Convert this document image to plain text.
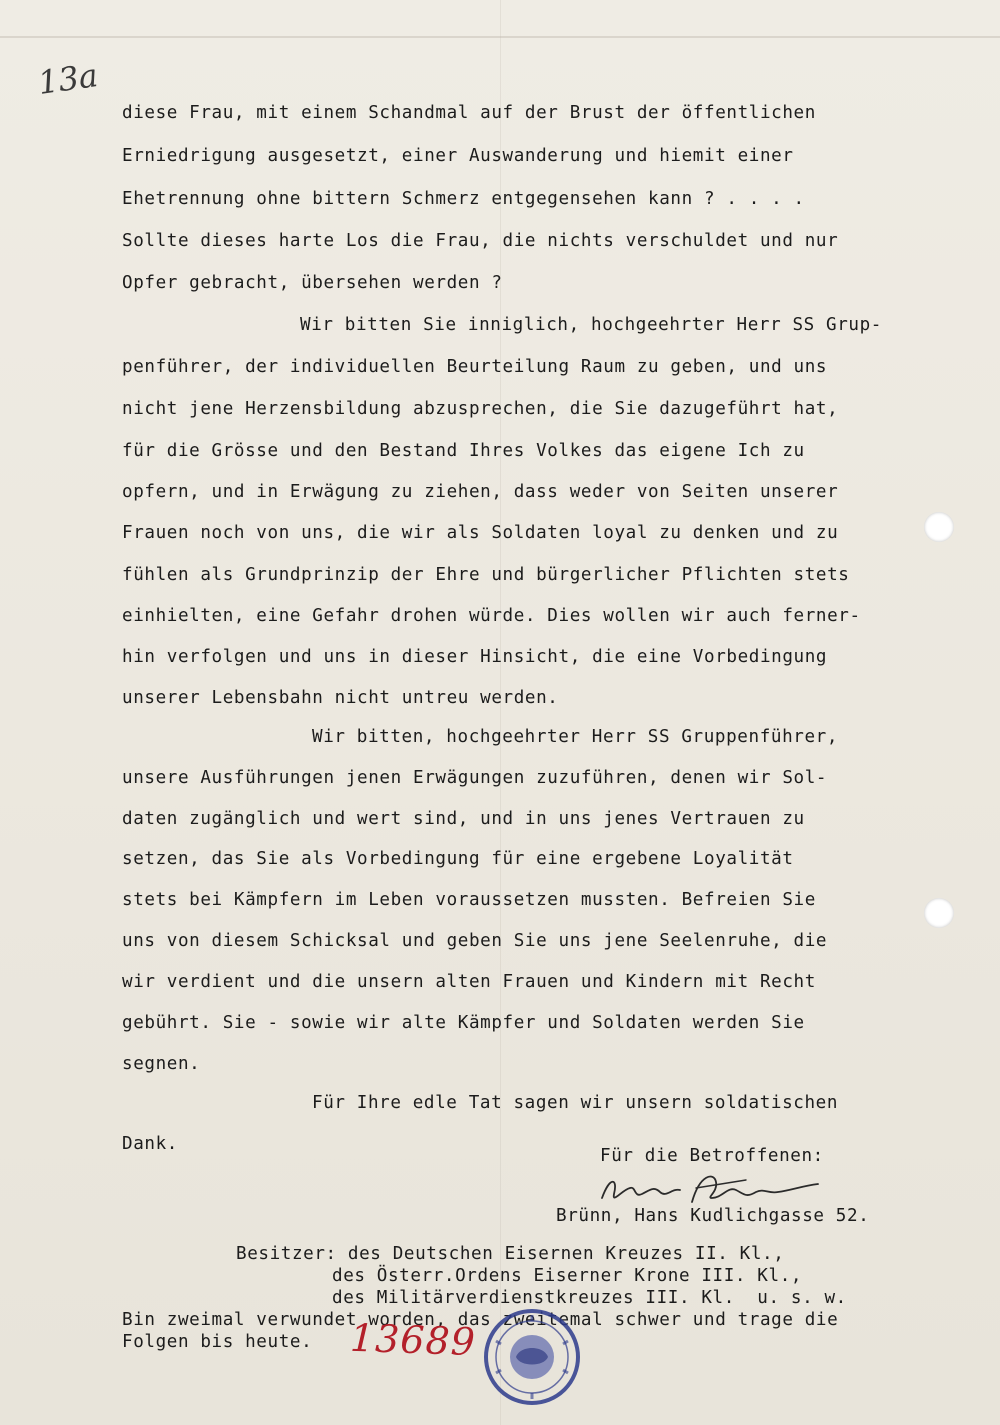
13a
diese Frau, mit einem Schandmal auf der Brust der öffentlichen
Erniedrigung ausgesetzt, einer Auswanderung und hiemit einer
Ehetrennung ohne bittern Schmerz entgegensehen kann ? . . . .
Sollte dieses harte Los die Frau, die nichts verschuldet und nur
Opfer gebracht, übersehen werden ?
Wir bitten Sie inniglich, hochgeehrter Herr SS Grup-
penführer, der individuellen Beurteilung Raum zu geben, und uns
nicht jene Herzensbildung abzusprechen, die Sie dazugeführt hat,
für die Grösse und den Bestand Ihres Volkes das eigene Ich zu
opfern, und in Erwägung zu ziehen, dass weder von Seiten unserer
Frauen noch von uns, die wir als Soldaten loyal zu denken und zu
fühlen als Grundprinzip der Ehre und bürgerlicher Pflichten stets
einhielten, eine Gefahr drohen würde. Dies wollen wir auch ferner-
hin verfolgen und uns in dieser Hinsicht, die eine Vorbedingung
unserer Lebensbahn nicht untreu werden.
Wir bitten, hochgeehrter Herr SS Gruppenführer,
unsere Ausführungen jenen Erwägungen zuzuführen, denen wir Sol-
daten zugänglich und wert sind, und in uns jenes Vertrauen zu
setzen, das Sie als Vorbedingung für eine ergebene Loyalität
stets bei Kämpfern im Leben voraussetzen mussten. Befreien Sie
uns von diesem Schicksal und geben Sie uns jene Seelenruhe, die
wir verdient und die unsern alten Frauen und Kindern mit Recht
gebührt. Sie - sowie wir alte Kämpfer und Soldaten werden Sie
segnen.
Für Ihre edle Tat sagen wir unsern soldatischen
Dank.
Für die Betroffenen:
Brünn, Hans Kudlichgasse 52.
Besitzer: des Deutschen Eisernen Kreuzes II. Kl.,
des Österr.Ordens Eiserner Krone III. Kl.,
des Militärverdienstkreuzes III. Kl.  u. s. w.
Bin zweimal verwundet worden, das zweitemal schwer und trage die
Folgen bis heute. 13689
